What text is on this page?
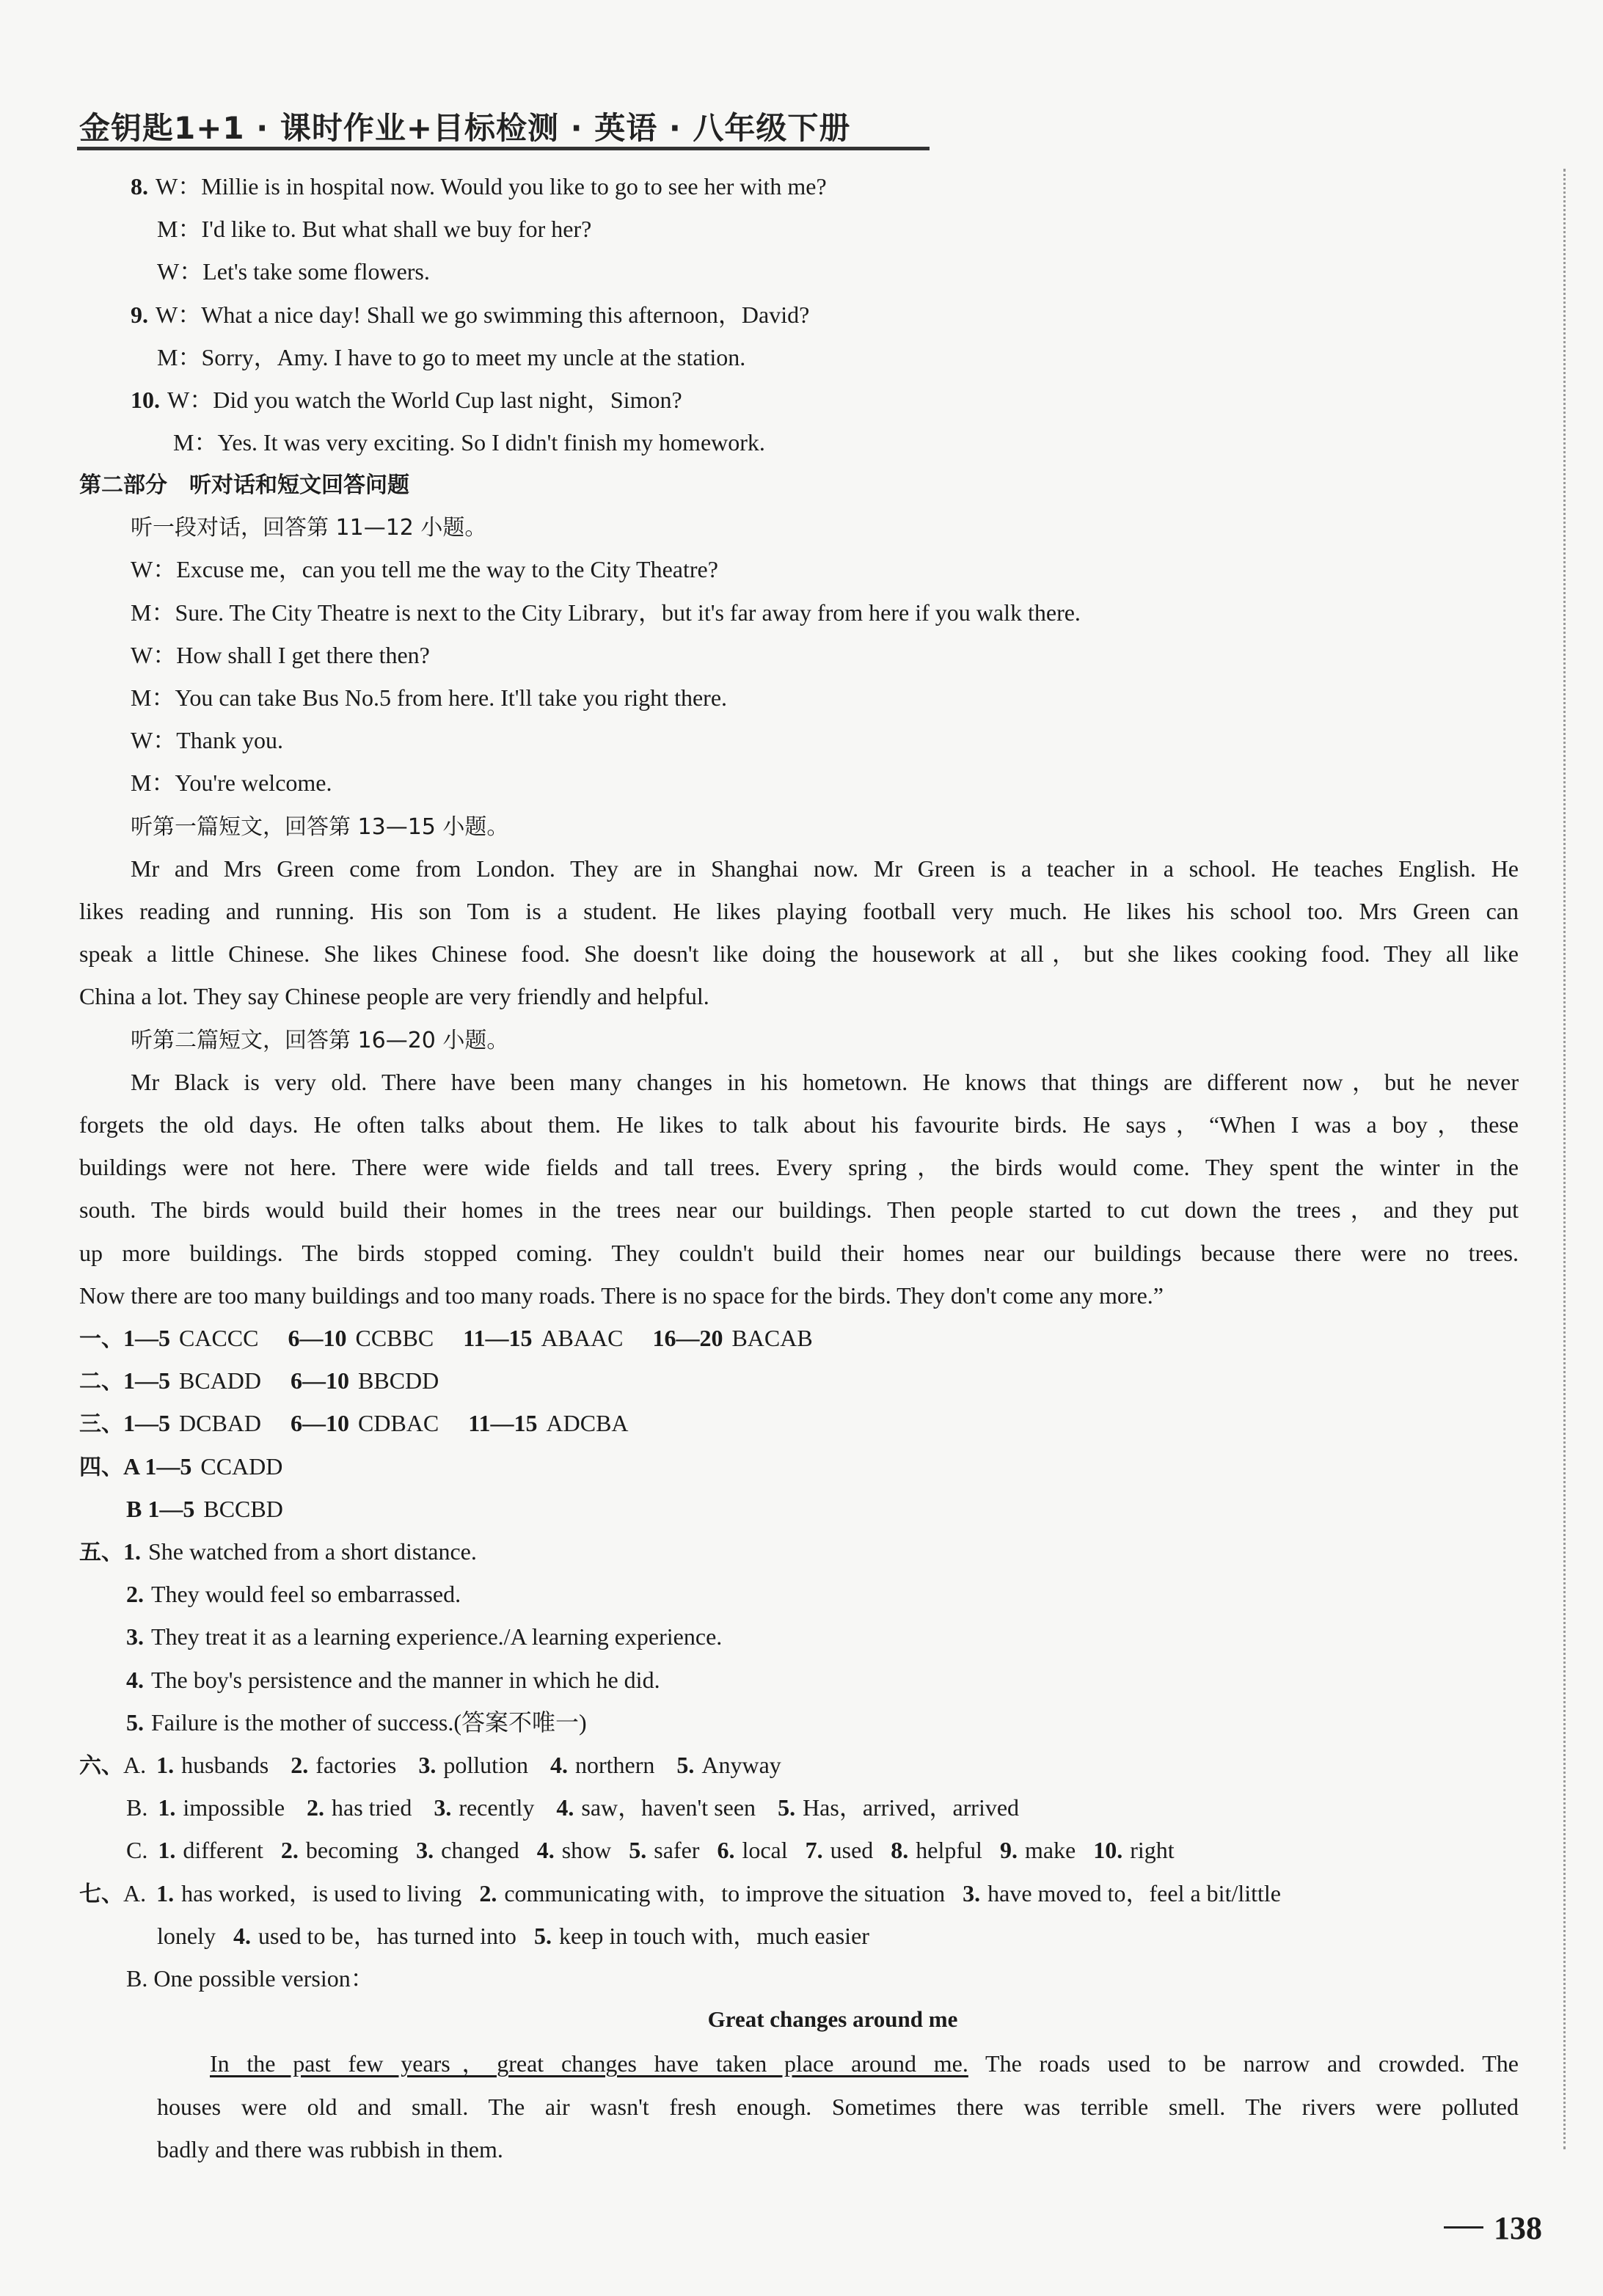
金钥匙1+1 · 课时作业+目标检测 · 英语 · 八年级下册
8. W：Millie is in hospital now. Would you like to go to see her with me?
M：I'd like to. But what shall we buy for her?
W：Let's take some flowers.
9. W：What a nice day! Shall we go swimming this afternoon，David?
M：Sorry，Amy. I have to go to meet my uncle at the station.
10. W：Did you watch the World Cup last night，Simon?
M：Yes. It was very exciting. So I didn't finish my homework.
第二部分　听对话和短文回答问题
听一段对话，回答第 11—12 小题。
W：Excuse me，can you tell me the way to the City Theatre?
M：Sure. The City Theatre is next to the City Library，but it's far away from here if you walk there.
W：How shall I get there then?
M：You can take Bus No.5 from here. It'll take you right there.
W：Thank you.
M：You're welcome.
听第一篇短文，回答第 13—15 小题。
Mr and Mrs Green come from London. They are in Shanghai now. Mr Green is a teacher in a school. He teaches English. He
likes reading and running. His son Tom is a student. He likes playing football very much. He likes his school too. Mrs Green can
speak a little Chinese. She likes Chinese food. She doesn't like doing the housework at all，but she likes cooking food. They all like
China a lot. They say Chinese people are very friendly and helpful.
听第二篇短文，回答第 16—20 小题。
Mr Black is very old. There have been many changes in his hometown. He knows that things are different now，but he never
forgets the old days. He often talks about them. He likes to talk about his favourite birds. He says，“When I was a boy，these
buildings were not here. There were wide fields and tall trees. Every spring，the birds would come. They spent the winter in the
south. The birds would build their homes in the trees near our buildings. Then people started to cut down the trees，and they put
up more buildings. The birds stopped coming. They couldn't build their homes near our buildings because there were no trees.
Now there are too many buildings and too many roads. There is no space for the birds. They don't come any more.”
一、1—5 CACCC 6—10 CCBBC 11—15 ABAAC 16—20 BACAB
二、1—5 BCADD 6—10 BBCDD
三、1—5 DCBAD 6—10 CDBAC 11—15 ADCBA
四、A 1—5 CCADD
B 1—5 BCCBD
五、1. She watched from a short distance.
2. They would feel so embarrassed.
3. They treat it as a learning experience./A learning experience.
4. The boy's persistence and the manner in which he did.
5. Failure is the mother of success.(答案不唯一)
六、A. 1. husbands 2. factories 3. pollution 4. northern 5. Anyway
B. 1. impossible 2. has tried 3. recently 4. saw，haven't seen 5. Has，arrived，arrived
C. 1. different 2. becoming 3. changed 4. show 5. safer 6. local 7. used 8. helpful 9. make 10. right
七、A. 1. has worked，is used to living 2. communicating with，to improve the situation 3. have moved to，feel a bit/little
lonely 4. used to be，has turned into 5. keep in touch with，much easier
B. One possible version：
Great changes around me
In the past few years，great changes have taken place around me. The roads used to be narrow and crowded. The
houses were old and small. The air wasn't fresh enough. Sometimes there was terrible smell. The rivers were polluted
badly and there was rubbish in them.
138
